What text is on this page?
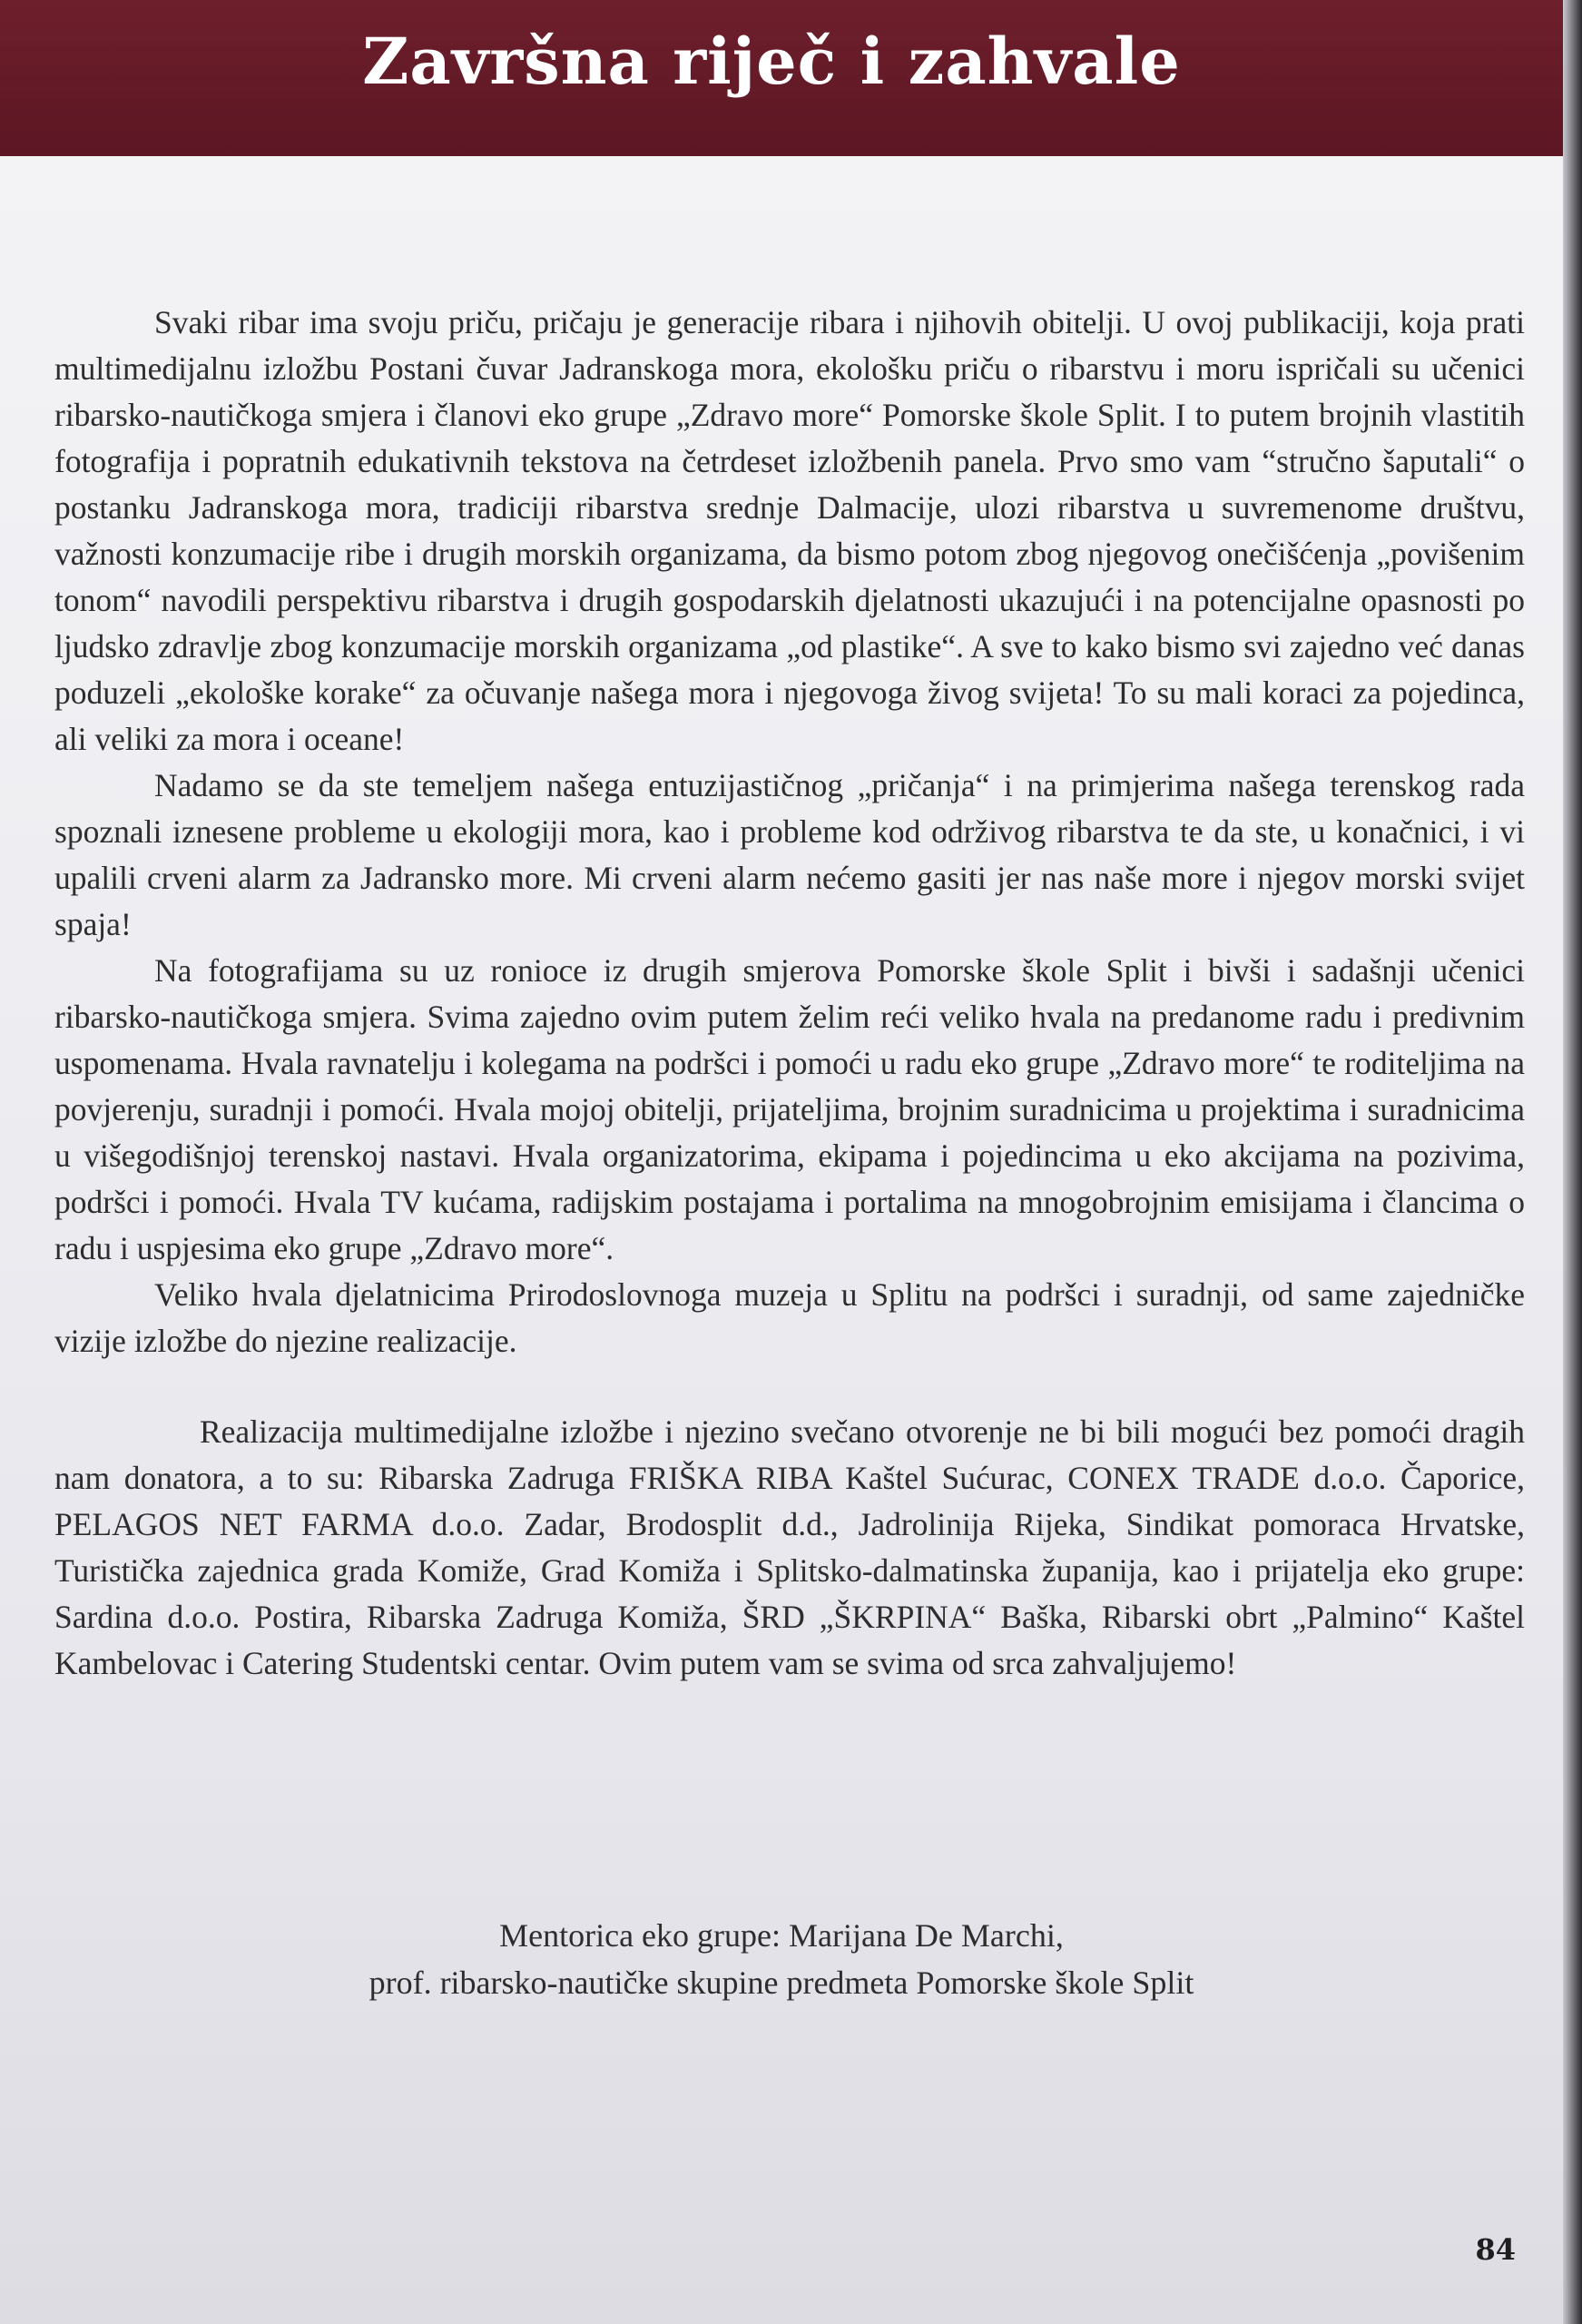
Završna riječ i zahvale

Svaki ribar ima svoju priču, pričaju je generacije ribara i njihovih obitelji. U ovoj publikaciji, koja prati multimedijalnu izložbu Postani čuvar Jadranskoga mora, ekološku priču o ribarstvu i moru ispričali su učenici ribarsko-nautičkoga smjera i članovi eko grupe „Zdravo more“ Pomorske škole Split. I to putem brojnih vlastitih fotografija i popratnih edukativnih tekstova na četrdeset izložbenih panela. Prvo smo vam “stručno šaputali“ o postanku Jadranskoga mora, tradiciji ribarstva srednje Dalmacije, ulozi ribarstva u suvremenome društvu, važnosti konzumacije ribe i drugih morskih organizama, da bismo potom zbog njegovog onečišćenja „povišenim tonom“ navodili perspektivu ribarstva i drugih gospodarskih djelatnosti ukazujući i na potencijalne opasnosti po ljudsko zdravlje zbog konzumacije morskih organizama „od plastike“. A sve to kako bismo svi zajedno već danas poduzeli „ekološke korake“ za očuvanje našega mora i njegovoga živog svijeta! To su mali koraci za pojedinca, ali veliki za mora i oceane!

Nadamo se da ste temeljem našega entuzijastičnog „pričanja“ i na primjerima našega terenskog rada spoznali iznesene probleme u ekologiji mora, kao i probleme kod održivog ribarstva te da ste, u konačnici, i vi upalili crveni alarm za Jadransko more. Mi crveni alarm nećemo gasiti jer nas naše more i njegov morski svijet spaja!

Na fotografijama su uz ronioce iz drugih smjerova Pomorske škole Split i bivši i sadašnji učenici ribarsko-nautičkoga smjera. Svima zajedno ovim putem želim reći veliko hvala na predanome radu i predivnim uspomenama. Hvala ravnatelju i kolegama na podršci i pomoći u radu eko grupe „Zdravo more“ te roditeljima na povjerenju, suradnji i pomoći. Hvala mojoj obitelji, prijateljima, brojnim suradnicima u projektima i suradnicima u višegodišnjoj terenskoj nastavi. Hvala organizatorima, ekipama i pojedincima u eko akcijama na pozivima, podršci i pomoći. Hvala TV kućama, radijskim postajama i portalima na mnogobrojnim emisijama i člancima o radu i uspjesima eko grupe „Zdravo more“.

Veliko hvala djelatnicima Prirodoslovnoga muzeja u Splitu na podršci i suradnji, od same zajedničke vizije izložbe do njezine realizacije.

Realizacija multimedijalne izložbe i njezino svečano otvorenje ne bi bili mogući bez pomoći dragih nam donatora, a to su: Ribarska Zadruga FRIŠKA RIBA Kaštel Sućurac, CONEX TRADE d.o.o. Čaporice, PELAGOS NET FARMA d.o.o. Zadar, Brodosplit d.d., Jadrolinija Rijeka, Sindikat pomoraca Hrvatske, Turistička zajednica grada Komiže, Grad Komiža i Splitsko-dalmatinska županija, kao i prijatelja eko grupe: Sardina d.o.o. Postira, Ribarska Zadruga Komiža, ŠRD „ŠKRPINA“ Baška, Ribarski obrt „Palmino“ Kaštel Kambelovac i Catering Studentski centar. Ovim putem vam se svima od srca zahvaljujemo!

Mentorica eko grupe: Marijana De Marchi,
prof. ribarsko-nautičke skupine predmeta Pomorske škole Split
84
